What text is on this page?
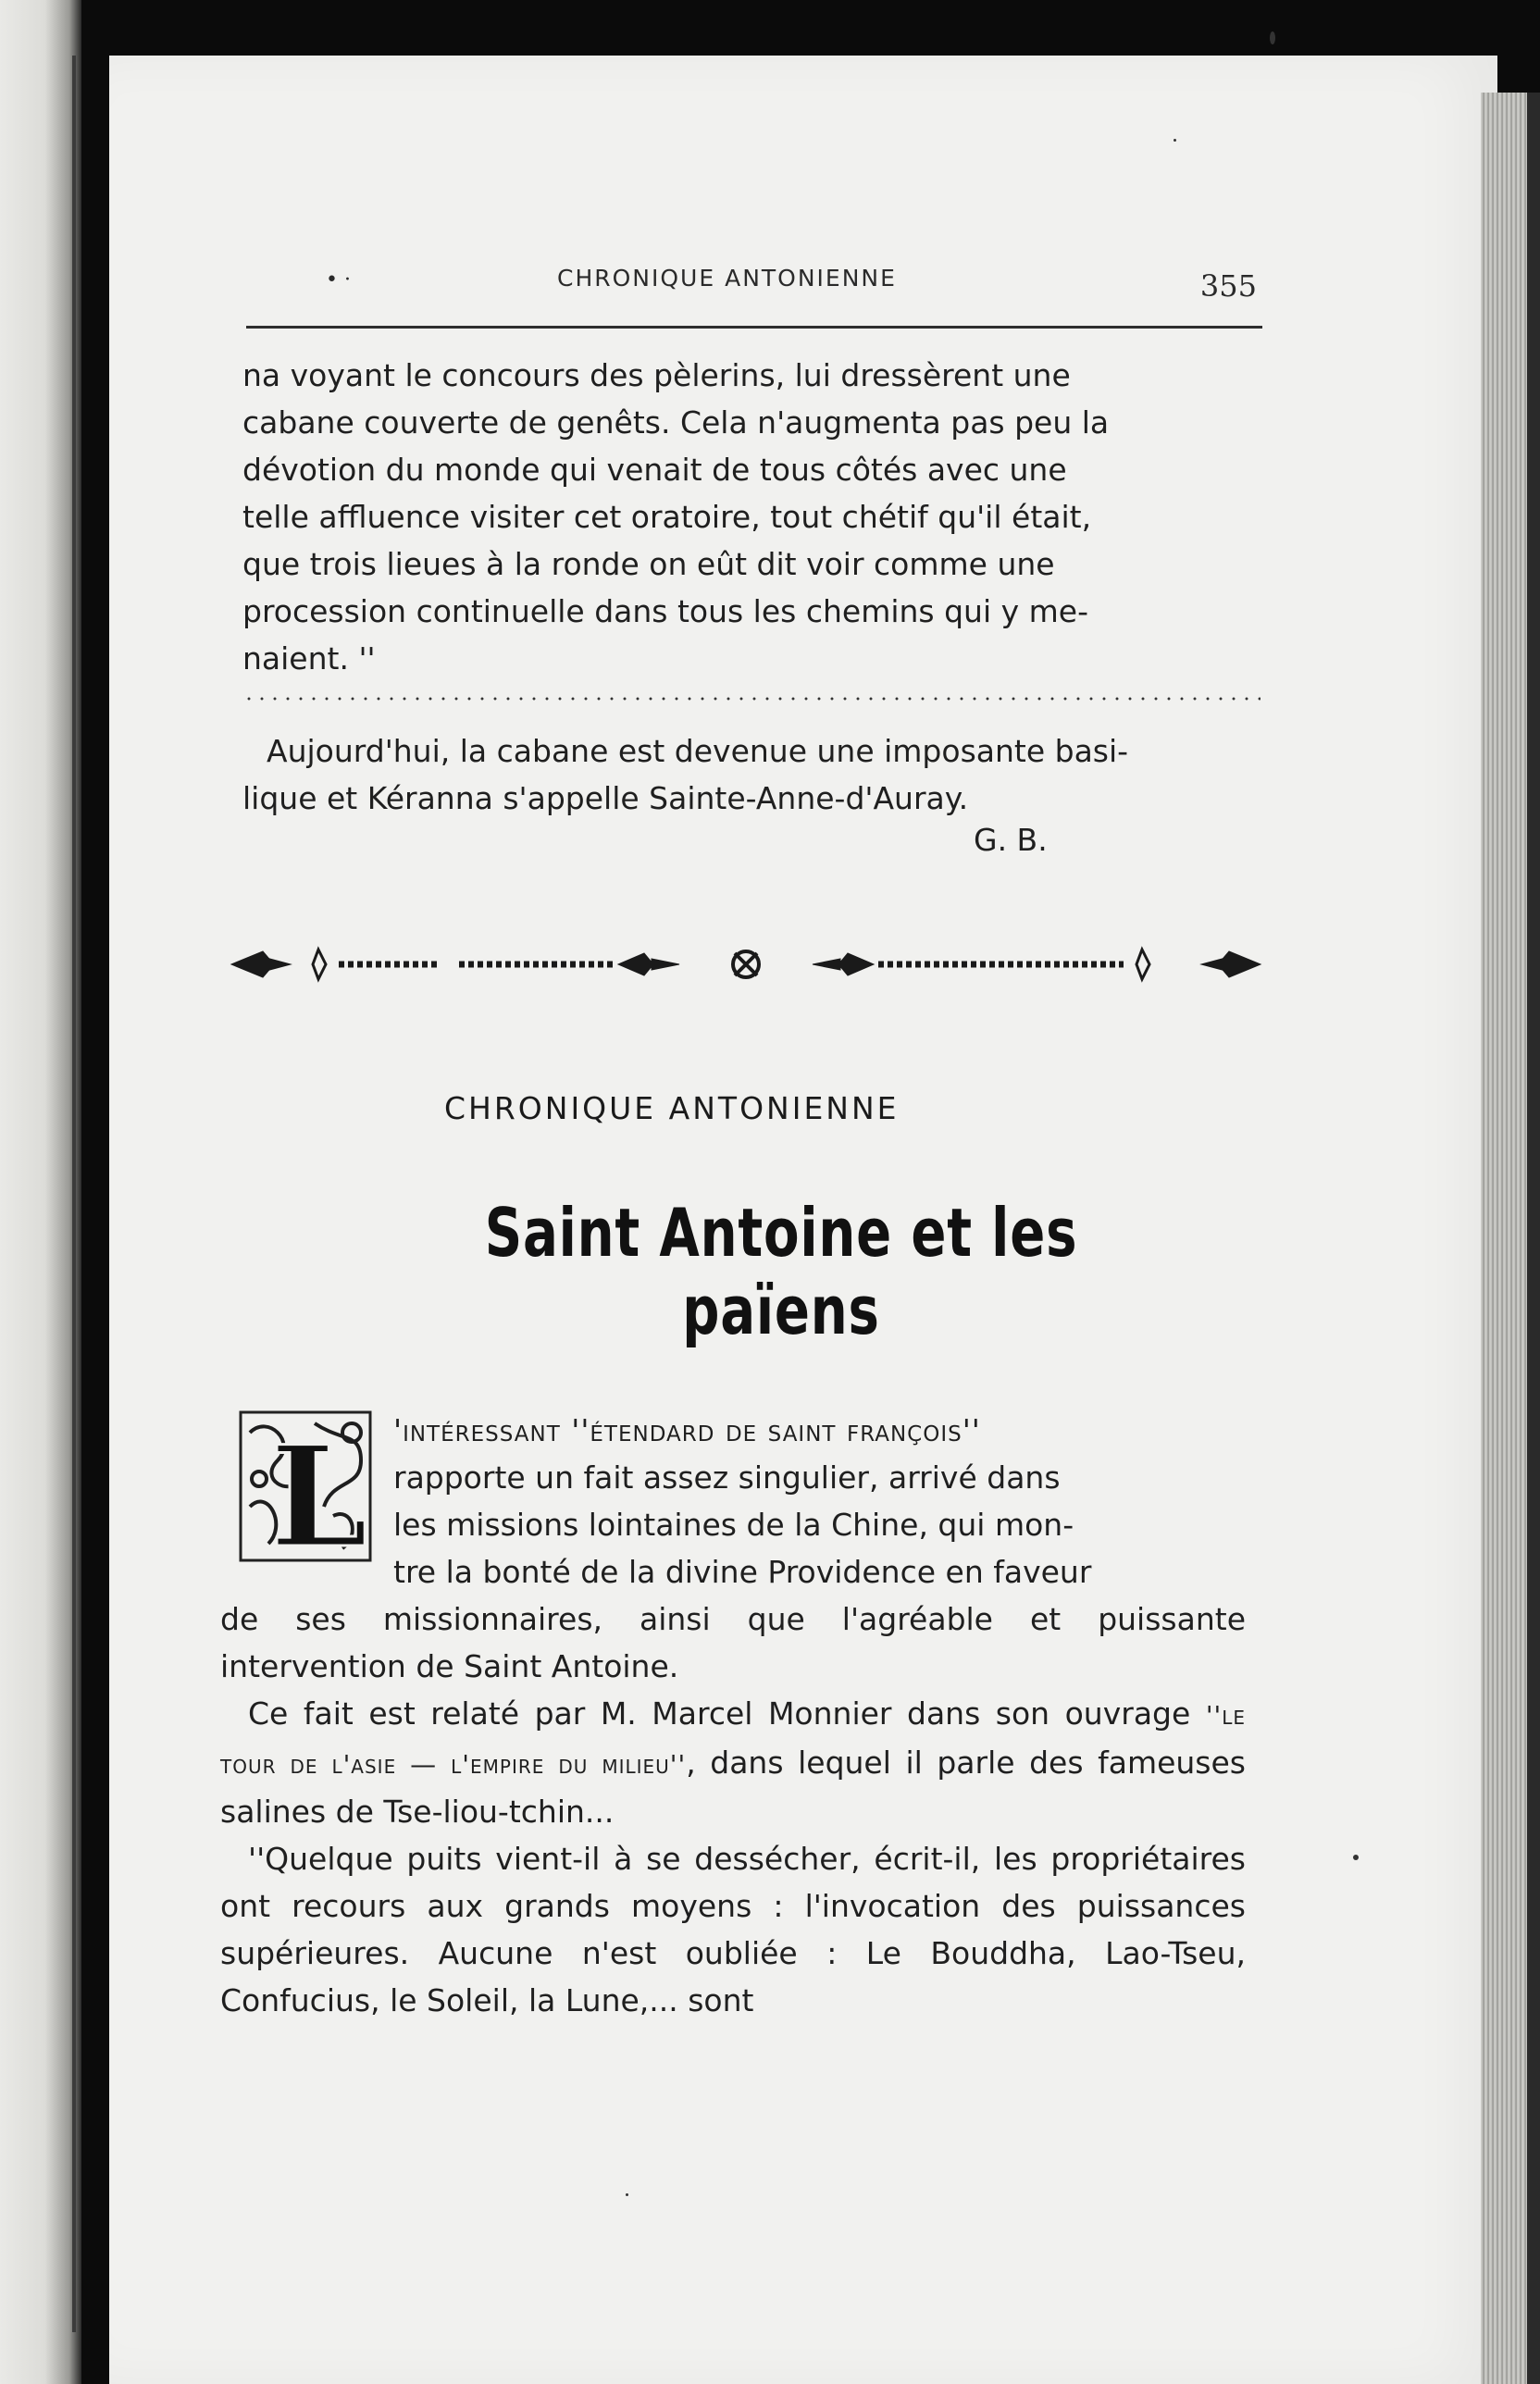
• ·	CHRONIQUE ANTONIENNE	355

na voyant le concours des pèlerins, lui dressèrent une

cabane couverte de genêts. Cela n'augmenta pas peu la

dévotion du monde qui venait de tous côtés avec une

telle affluence visiter cet oratoire, tout chétif qu'il était,

que trois lieues à la ronde on eût dit voir comme une

procession continuelle dans tous les chemins qui y me-

naient. ''

Aujourd'hui, la cabane est devenue une imposante basi-

lique et Kéranna s'appelle Sainte-Anne-d'Auray.

G. B.
CHRONIQUE ANTONIENNE
Saint Antoine et les païens
L 'intéressant ''étendard de saint françois''

rapporte un fait assez singulier, arrivé dans

les missions lointaines de la Chine, qui mon-

tre la bonté de la divine Providence en faveur

de ses missionnaires, ainsi que l'agréable et puissante intervention de Saint Antoine.

Ce fait est relaté par M. Marcel Monnier dans son ouvrage ''le tour de l'asie — l'empire du milieu'', dans lequel il parle des fameuses salines de Tse-liou-tchin...

''Quelque puits vient-il à se dessécher, écrit-il, les propriétaires ont recours aux grands moyens : l'invocation des puissances supérieures. Aucune n'est oubliée : Le Bouddha, Lao-Tseu, Confucius, le Soleil, la Lune,... sont
